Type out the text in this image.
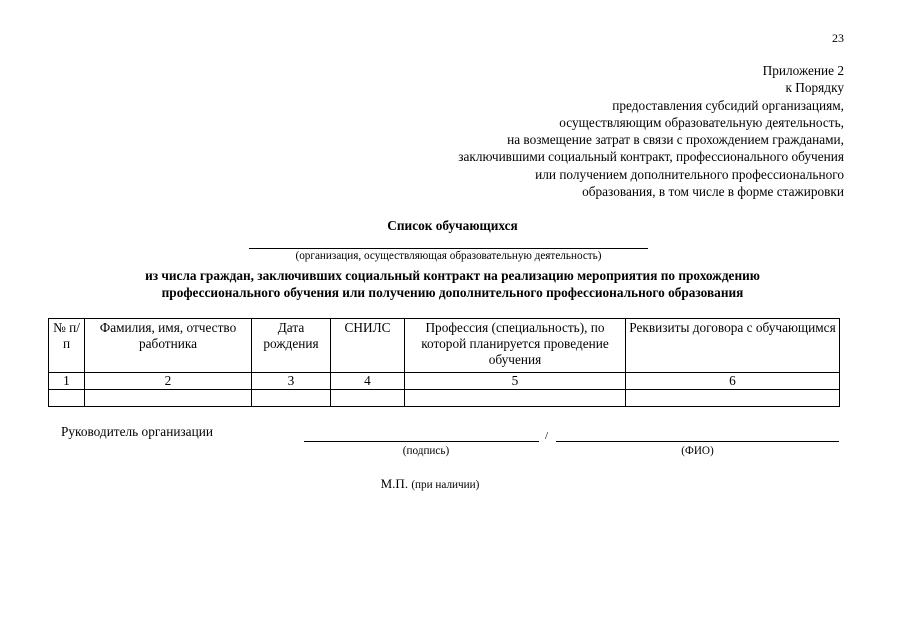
23
Приложение 2
к Порядку
предоставления субсидий организациям,
осуществляющим образовательную деятельность,
на возмещение затрат в связи с прохождением гражданами,
заключившими социальный контракт, профессионального обучения
или получением дополнительного профессионального
образования, в том числе в форме стажировки
Список обучающихся
(организация, осуществляющая образовательную деятельность)
из числа граждан, заключивших социальный контракт на реализацию мероприятия по прохождению
профессионального обучения или получению дополнительного профессионального образования
№ п/п	Фамилия, имя, отчество работника	Дата рождения	СНИЛС	Профессия (специальность), по которой планируется проведение обучения	Реквизиты договора с обучающимся
1	2	3	4	5	6

Руководитель организации	/
(подпись)	(ФИО)
М.П. (при наличии)
